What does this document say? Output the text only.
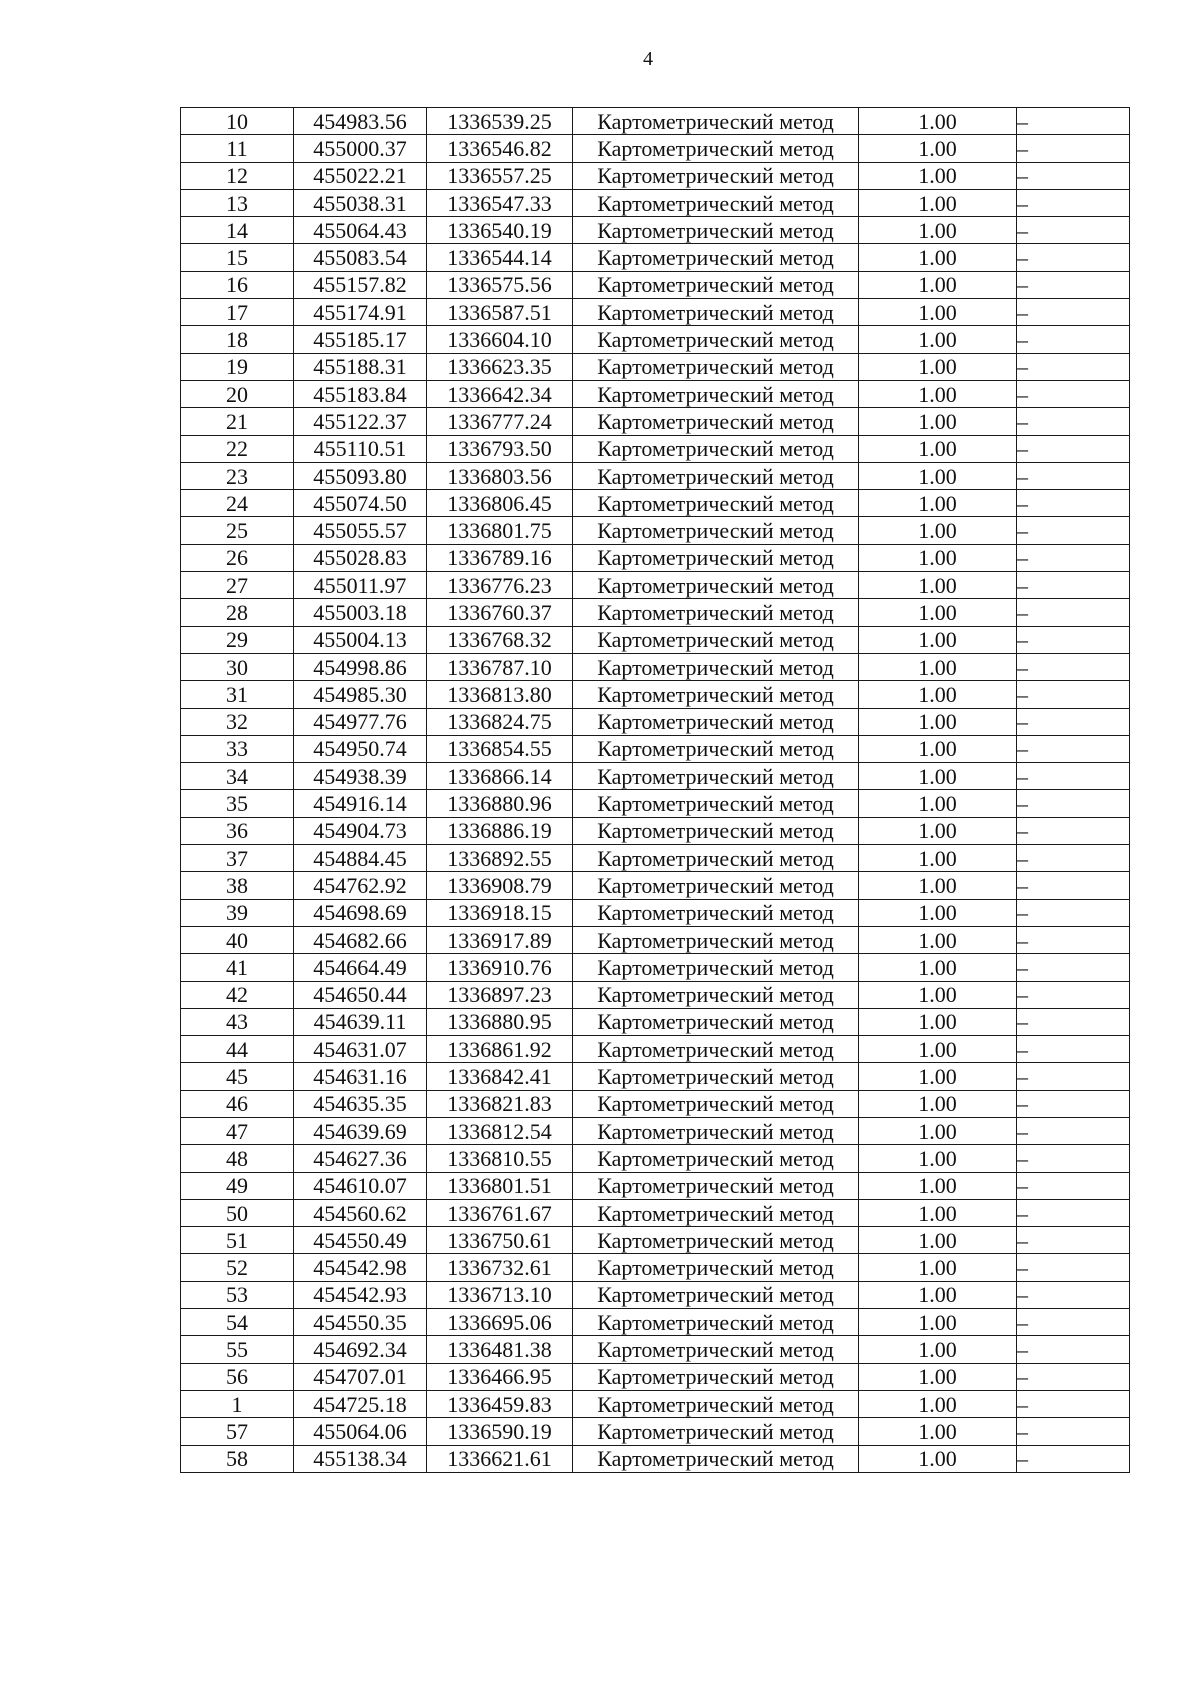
4
10	454983.56	1336539.25	Картометрический метод	1.00	–
11	455000.37	1336546.82	Картометрический метод	1.00	–
12	455022.21	1336557.25	Картометрический метод	1.00	–
13	455038.31	1336547.33	Картометрический метод	1.00	–
14	455064.43	1336540.19	Картометрический метод	1.00	–
15	455083.54	1336544.14	Картометрический метод	1.00	–
16	455157.82	1336575.56	Картометрический метод	1.00	–
17	455174.91	1336587.51	Картометрический метод	1.00	–
18	455185.17	1336604.10	Картометрический метод	1.00	–
19	455188.31	1336623.35	Картометрический метод	1.00	–
20	455183.84	1336642.34	Картометрический метод	1.00	–
21	455122.37	1336777.24	Картометрический метод	1.00	–
22	455110.51	1336793.50	Картометрический метод	1.00	–
23	455093.80	1336803.56	Картометрический метод	1.00	–
24	455074.50	1336806.45	Картометрический метод	1.00	–
25	455055.57	1336801.75	Картометрический метод	1.00	–
26	455028.83	1336789.16	Картометрический метод	1.00	–
27	455011.97	1336776.23	Картометрический метод	1.00	–
28	455003.18	1336760.37	Картометрический метод	1.00	–
29	455004.13	1336768.32	Картометрический метод	1.00	–
30	454998.86	1336787.10	Картометрический метод	1.00	–
31	454985.30	1336813.80	Картометрический метод	1.00	–
32	454977.76	1336824.75	Картометрический метод	1.00	–
33	454950.74	1336854.55	Картометрический метод	1.00	–
34	454938.39	1336866.14	Картометрический метод	1.00	–
35	454916.14	1336880.96	Картометрический метод	1.00	–
36	454904.73	1336886.19	Картометрический метод	1.00	–
37	454884.45	1336892.55	Картометрический метод	1.00	–
38	454762.92	1336908.79	Картометрический метод	1.00	–
39	454698.69	1336918.15	Картометрический метод	1.00	–
40	454682.66	1336917.89	Картометрический метод	1.00	–
41	454664.49	1336910.76	Картометрический метод	1.00	–
42	454650.44	1336897.23	Картометрический метод	1.00	–
43	454639.11	1336880.95	Картометрический метод	1.00	–
44	454631.07	1336861.92	Картометрический метод	1.00	–
45	454631.16	1336842.41	Картометрический метод	1.00	–
46	454635.35	1336821.83	Картометрический метод	1.00	–
47	454639.69	1336812.54	Картометрический метод	1.00	–
48	454627.36	1336810.55	Картометрический метод	1.00	–
49	454610.07	1336801.51	Картометрический метод	1.00	–
50	454560.62	1336761.67	Картометрический метод	1.00	–
51	454550.49	1336750.61	Картометрический метод	1.00	–
52	454542.98	1336732.61	Картометрический метод	1.00	–
53	454542.93	1336713.10	Картометрический метод	1.00	–
54	454550.35	1336695.06	Картометрический метод	1.00	–
55	454692.34	1336481.38	Картометрический метод	1.00	–
56	454707.01	1336466.95	Картометрический метод	1.00	–
1	454725.18	1336459.83	Картометрический метод	1.00	–
57	455064.06	1336590.19	Картометрический метод	1.00	–
58	455138.34	1336621.61	Картометрический метод	1.00	–
